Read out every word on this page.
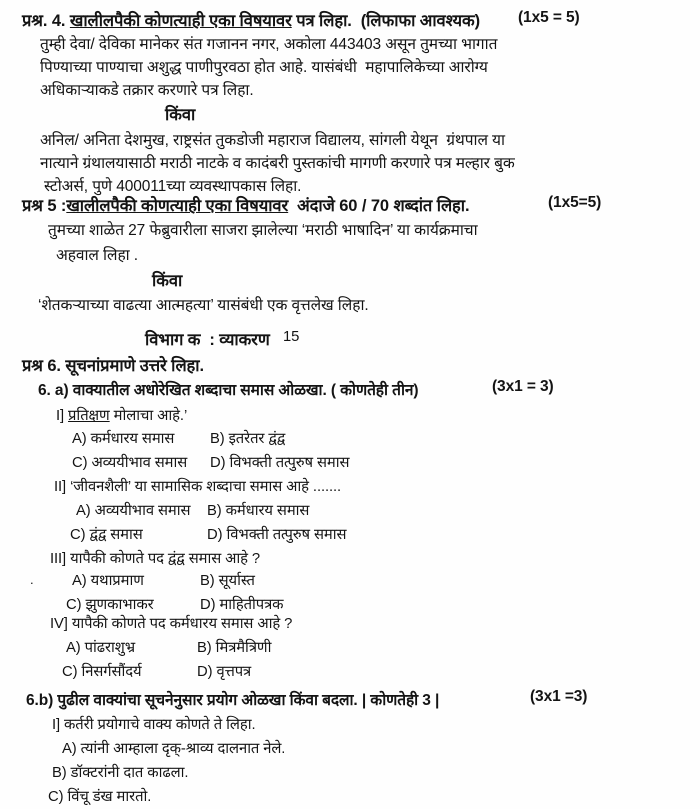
प्रश्र. 4. खालीलपैकी कोणत्याही एका विषयावर पत्र लिहा.  (लिफाफा आवश्यक) (1x5 = 5)
तुम्ही देवा/ देविका मानेकर संत गजानन नगर, अकोला 443403 असून तुमच्या भागात
पिण्याच्या पाण्याचा अशुद्ध पाणीपुरवठा होत आहे. यासंबंधी  महापालिकेच्या आरोग्य
अधिकाऱ्याकडे तक्रार करणारे पत्र लिहा.
किंवा
अनिल/ अनिता देशमुख, राष्ट्रसंत तुकडोजी महाराज विद्यालय, सांगली येथून  ग्रंथपाल या
नात्याने ग्रंथालयासाठी मराठी नाटके व कादंबरी पुस्तकांची मागणी करणारे पत्र मल्हार बुक
स्टोअर्स, पुणे 400011च्या व्यवस्थापकास लिहा.
प्रश्र 5 :खालीलपैकी कोणत्याही एका विषयावर  अंदाजे 60 / 70 शब्दांत लिहा.	(1x5=5)
तुमच्या शाळेत 27 फेब्रुवारीला साजरा झालेल्या ‘मराठी भाषादिन’ या कार्यक्रमाचा
अहवाल लिहा .
किंवा
‘शेतकऱ्याच्या वाढत्या आत्महत्या’ यासंबंधी एक वृत्तलेख लिहा.
विभाग क  : व्याकरण 15
प्रश्र 6. सूचनांप्रमाणे उत्तरे लिहा.
6. a) वाक्यातील अधोरेखित शब्दाचा समास ओळखा. ( कोणतेही तीन)	(3x1 = 3)
I] प्रतिक्षण मोलाचा आहे.’
A) कर्मधारय समास B) इतरेतर द्वंद्व
C) अव्ययीभाव समास D) विभक्ती तत्पुरुष समास
II] ‘जीवनशैली’ या सामासिक शब्दाचा समास आहे .......
A) अव्ययीभाव समास B) कर्मधारय समास
C) द्वंद्व समास	D) विभक्ती तत्पुरुष समास
III] यापैकी कोणते पद द्वंद्व समास आहे ?
.	A) यथाप्रमाण	B) सूर्यास्त
C) झुणकाभाकर	D) माहितीपत्रक
IV] यापैकी कोणते पद कर्मधारय समास आहे ?
A) पांढराशुभ्र	B) मित्रमैत्रिणी
C) निसर्गसौंदर्य	D) वृत्तपत्र
6.b) पुढील वाक्यांचा सूचनेनुसार प्रयोग ओळखा किंवा बदला. | कोणतेही 3 |	(3x1 =3)
I] कर्तरी प्रयोगाचे वाक्य कोणते ते लिहा.
A) त्यांनी आम्हाला दृक्-श्राव्य दालनात नेले.
B) डॉक्टरांनी दात काढला.
C) विंचू डंख मारतो.
